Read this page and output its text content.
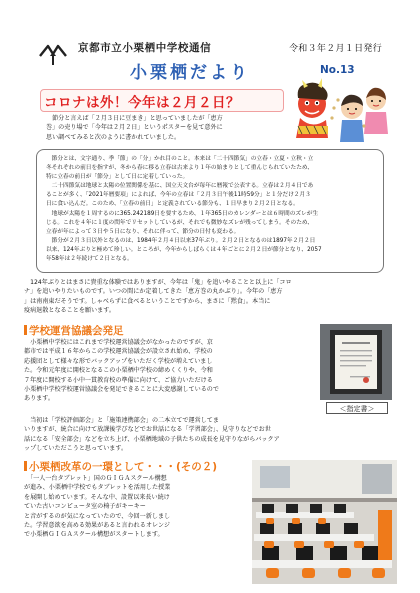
京都市立小栗栖中学校通信	令和３年２月１日発行
小栗栖だより	No.13
コロナは外！今年は２月２日？

　節分と言えば「２月３日に豆まき」と思っていましたが「恵方

巻」の売り場で「今年は２月２日」というポスターを見て意外に

思い調べてみると次のように書かれていました。

　節分とは、文字通り、季「節」の「分」かれ目のこと。本来は「二十四節気」の立春・立夏・立秋・立

冬それぞれの前日を指すが、冬から春に移る立春は古来より１年の始まりとして重んじられていたため、

特に立春の前日が「節分」として日に定着していった。

　二十四節気は地球と太陽の位置関係を基に、国立天文台が毎年に暦報で公表する。立春は２月４日であ

ることが多く、「2021年暦要項」によれば、今年の立春は「２月３日午後11時59分」と１分だけ２月３

日に食い込んだ。このため、「立春の前日」と定義されている節分も、１日早まり２月２日となる。

　地球が太陽を１周するのに365.242189日を要するため、１年365日のカレンダーとは６時間のズレが生

じる。これを４年に１度の閏年でリセットしているが、それでも微妙なズレが残ってしまう。そのため、

立春が年によって３日や５日になり、それに伴って、節分の日付も変わる。

　節分が２月３日以外となるのは、1984年２月４日以来37年ぶり。２月２日となるのは1897年２月２日

以来、124年ぶりと極めて珍しい。ところが、今年からしばらくは４年ごとに２月２日が節分となり、2057

年58年は２年続けて２日となる。

　124年ぶりとはまさに貴重な体験ではありますが、今年は「鬼」を追いやることと以上に「コロ

ナ」を追いやりたいものです。いつの間にか定着してきた「恵方巻の丸かぶり」。今年の「恵方

」は南南東だそうです。しゃべらずに食べるということですから、まさに「黙食」。本当に

疫病退散となることを願います。

学校運営協議会発足

　小栗栖中学校にはこれまで学校運営協議会がなかったのですが、京

都市では平成１６年からこの学校運営協議会が設立され始め、学校の

応援団として様々な形でバックアップをいただく学校が増えていまし

た。令和元年度に開校となるこの小栗栖中学校の締めくくりや、令和

７年度に開校する小中一貫教育校の準備に向けて、ご協力いただける

小栗栖中学校学校運営協議会を発足できることに大変感謝しているので

あります。

＜指定書＞

　当初は「学校評価部会」と「施策連携部会」の二本立てで運営してま

いりますが、統合に向けて放課後学びなどでお世話になる「学習部会」、見守りなどでお世

話になる「安全部会」などを立ち上げ、小栗栖地域の子供たちの成長を見守りながらバックア

ップしていただこうと思っています。

小栗栖改革の一環として・・・(その２)

　「一人一台タブレット」国のＧＩＧＡスクール構想

が進み、小栗栖中学校でもタブレットを活用した授業

を展開し始めています。そんな中、設置以来長い続け

ていた古いコンピュータ室の椅子がキーキー

と音がするのが気になっていたので、今回一新しまし

た。学習意欲を高める効果があると言われるオレンジ

で小栗栖ＧＩＧＡスクール構想がスタートします。
